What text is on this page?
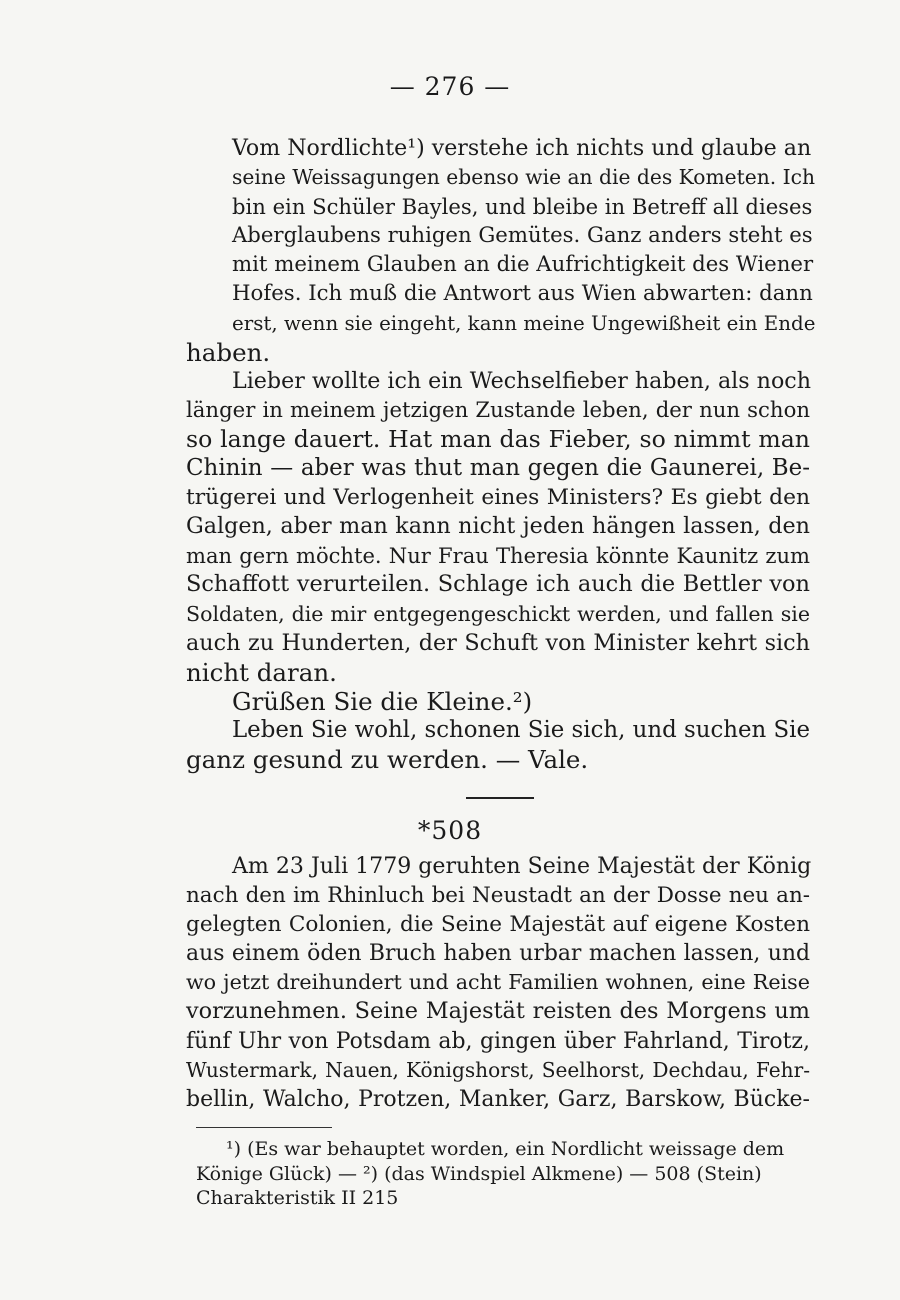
— 276 —

Vom Nordlichte¹) verstehe ich nichts und glaube an
seine Weissagungen ebenso wie an die des Kometen. Ich
bin ein Schüler Bayles, und bleibe in Betreff all dieses
Aberglaubens ruhigen Gemütes. Ganz anders steht es
mit meinem Glauben an die Aufrichtigkeit des Wiener
Hofes. Ich muß die Antwort aus Wien abwarten: dann
erst, wenn sie eingeht, kann meine Ungewißheit ein Ende
haben.

Lieber wollte ich ein Wechselfieber haben, als noch
länger in meinem jetzigen Zustande leben, der nun schon
so lange dauert. Hat man das Fieber, so nimmt man
Chinin — aber was thut man gegen die Gaunerei, Be-
trügerei und Verlogenheit eines Ministers? Es giebt den
Galgen, aber man kann nicht jeden hängen lassen, den
man gern möchte. Nur Frau Theresia könnte Kaunitz zum
Schaffott verurteilen. Schlage ich auch die Bettler von
Soldaten, die mir entgegengeschickt werden, und fallen sie
auch zu Hunderten, der Schuft von Minister kehrt sich
nicht daran.

Grüßen Sie die Kleine.²)

Leben Sie wohl, schonen Sie sich, und suchen Sie
ganz gesund zu werden. — Vale.

*508

Am 23 Juli 1779 geruhten Seine Majestät der König
nach den im Rhinluch bei Neustadt an der Dosse neu an-
gelegten Colonien, die Seine Majestät auf eigene Kosten
aus einem öden Bruch haben urbar machen lassen, und
wo jetzt dreihundert und acht Familien wohnen, eine Reise
vorzunehmen. Seine Majestät reisten des Morgens um
fünf Uhr von Potsdam ab, gingen über Fahrland, Tirotz,
Wustermark, Nauen, Königshorst, Seelhorst, Dechdau, Fehr-
bellin, Walcho, Protzen, Manker, Garz, Barskow, Bücke-

¹) (Es war behauptet worden, ein Nordlicht weissage dem
Könige Glück) — ²) (das Windspiel Alkmene) — 508 (Stein)
Charakteristik II 215
